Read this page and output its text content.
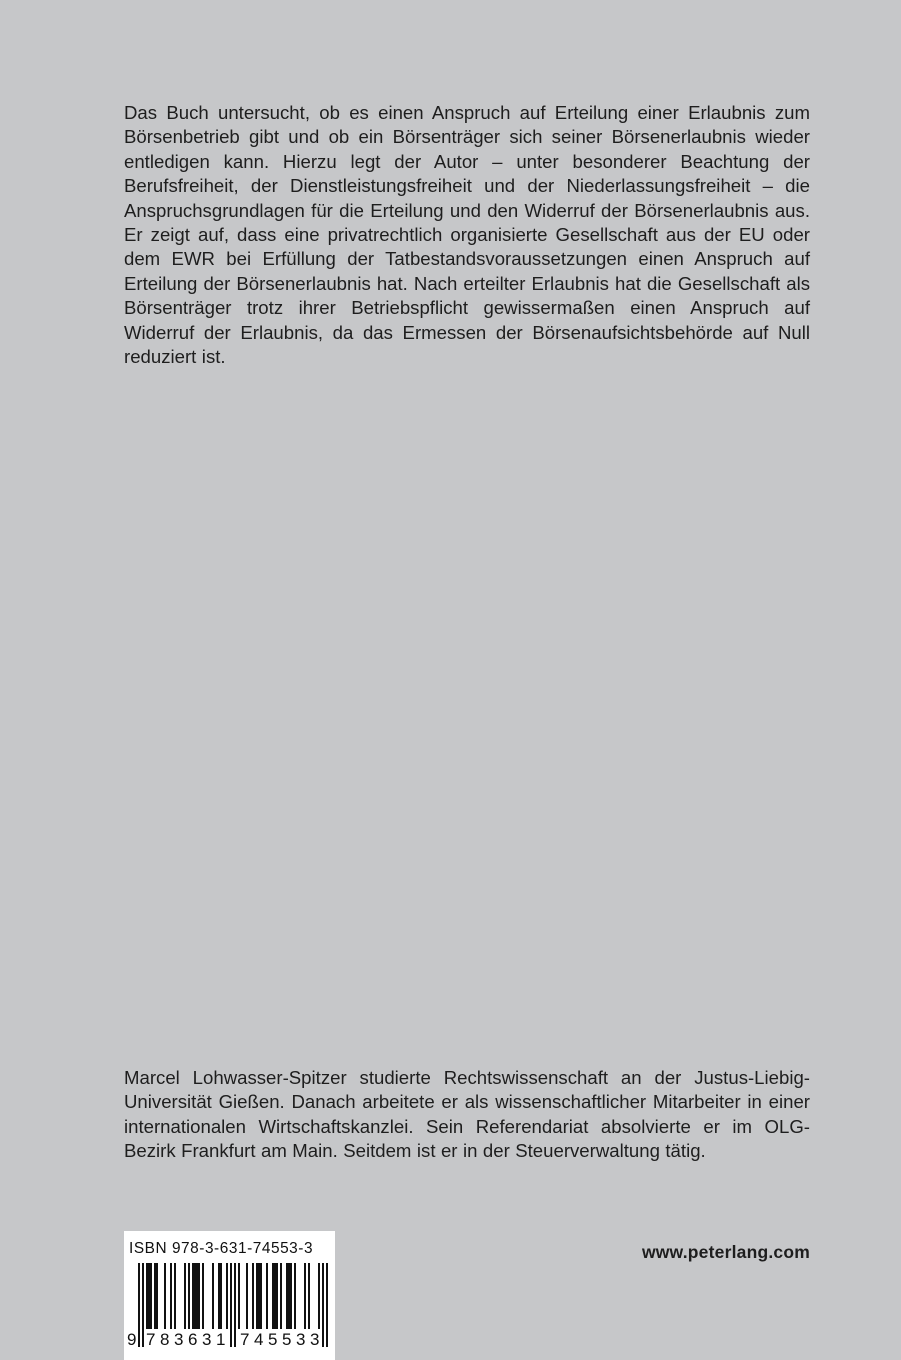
Das Buch untersucht, ob es einen Anspruch auf Erteilung einer Erlaubnis zum Börsenbetrieb gibt und ob ein Börsenträger sich seiner Börsenerlaubnis wieder entledigen kann. Hierzu legt der Autor – unter besonderer Beachtung der Berufsfreiheit, der Dienstleistungsfreiheit und der Niederlassungsfreiheit – die Anspruchsgrundlagen für die Erteilung und den Widerruf der Börsenerlaubnis aus. Er zeigt auf, dass eine privatrechtlich organisierte Gesellschaft aus der EU oder dem EWR bei Erfüllung der Tatbestandsvoraussetzungen einen Anspruch auf Erteilung der Börsenerlaubnis hat. Nach erteilter Erlaubnis hat die Gesellschaft als Börsenträger trotz ihrer Betriebspflicht gewissermaßen einen Anspruch auf Widerruf der Erlaubnis, da das Ermessen der Börsenaufsichtsbehörde auf Null reduziert ist.

Marcel Lohwasser-Spitzer studierte Rechtswissenschaft an der Justus-Liebig-Universität Gießen. Danach arbeitete er als wissenschaftlicher Mitarbeiter in einer internationalen Wirtschaftskanzlei. Sein Referendariat absolvierte er im OLG-Bezirk Frankfurt am Main. Seitdem ist er in der Steuerverwaltung tätig.

ISBN 978-3-631-74553-3
9 7 8 3 6 3 1 7 4 5 5 3 3
www.peterlang.com
